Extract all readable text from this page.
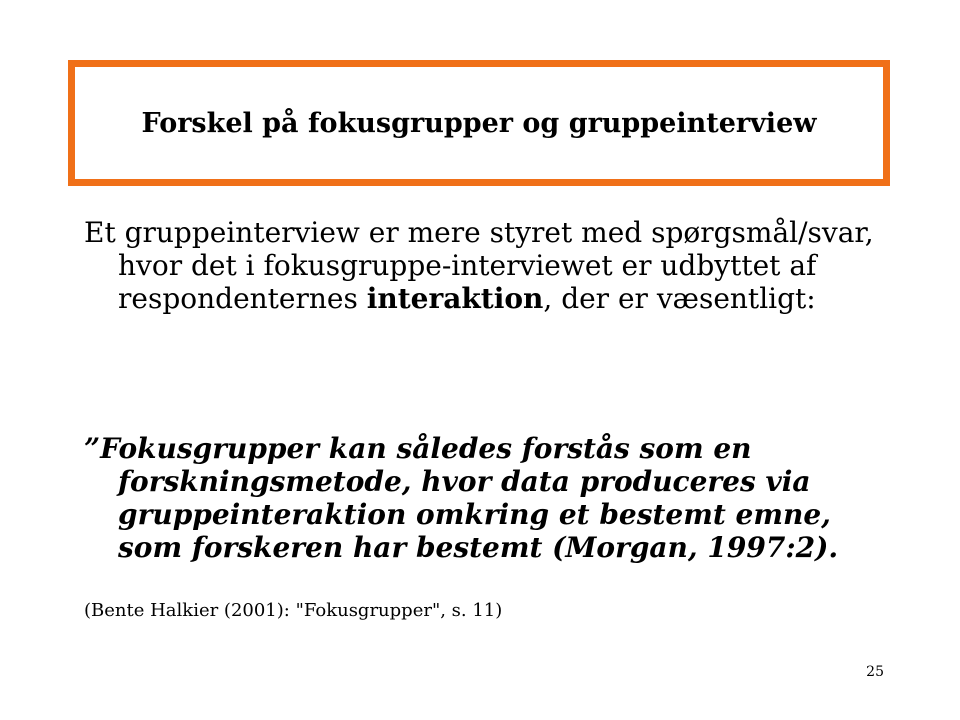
Forskel på fokusgrupper og gruppeinterview

Et gruppeinterview er mere styret med spørgsmål/svar, hvor det i fokusgruppe-interviewet er udbyttet af respondenternes interaktion, der er væsentligt:

”Fokusgrupper kan således forstås som en forskningsmetode, hvor data produceres via gruppeinteraktion omkring et bestemt emne, som forskeren har bestemt (Morgan, 1997:2).

(Bente Halkier (2001): "Fokusgrupper", s. 11)

25
